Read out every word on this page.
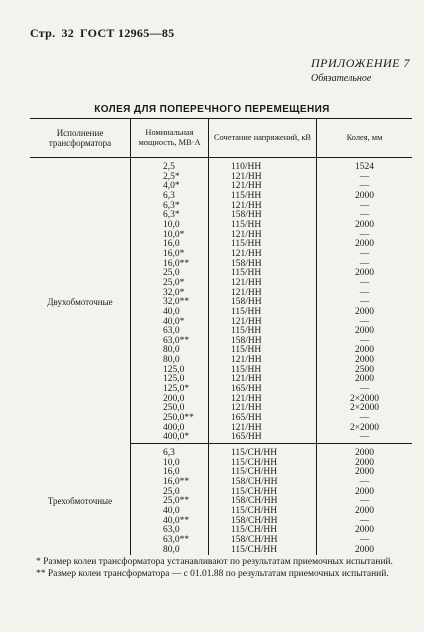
Стр. 32 ГОСТ 12965—85
ПРИЛОЖЕНИЕ 7
Обязательное
КОЛЕЯ ДЛЯ ПОПЕРЕЧНОГО ПЕРЕМЕЩЕНИЯ
Исполнение трансформатора	Номинальная мощность, МВ·А	Сочетание напряжений, кВ	Колея, мм

Двухобмоточные	2,5	110/НН	1524
	2,5*	121/НН	—
	4,0*	121/НН	—
	6,3	115/НН	2000
	6,3*	121/НН	—
	6,3*	158/НН	—
	10,0	115/НН	2000
	10,0*	121/НН	—
	16,0	115/НН	2000
	16,0*	121/НН	—
	16,0**	158/НН	—
	25,0	115/НН	2000
	25,0*	121/НН	—
	32,0*	121/НН	—
	32,0**	158/НН	—
	40,0	115/НН	2000
	40,0*	121/НН	—
	63,0	115/НН	2000
	63,0**	158/НН	—
	80,0	115/НН	2000
	80,0	121/НН	2000
	125,0	115/НН	2500
	125,0	121/НН	2000
	125,0*	165/НН	—
	200,0	121/НН	2×2000
	250,0	121/НН	2×2000
	250,0**	165/НН	—
	400,0	121/НН	2×2000
	400,0*	165/НН	—

Трехобмоточные	6,3	115/СН/НН	2000
	10,0	115/СН/НН	2000
	16,0	115/СН/НН	2000
	16,0**	158/СН/НН	—
	25,0	115/СН/НН	2000
	25,0**	158/СН/НН	—
	40,0	115/СН/НН	2000
	40,0**	158/СН/НН	—
	63,0	115/СН/НН	2000
	63,0**	158/СН/НН	—
	80,0	115/СН/НН	2000

* Размер колеи трансформатора устанавливают по результатам приемочных испытаний.

** Размер колеи трансформатора — с 01.01.88 по результатам приемочных испытаний.
